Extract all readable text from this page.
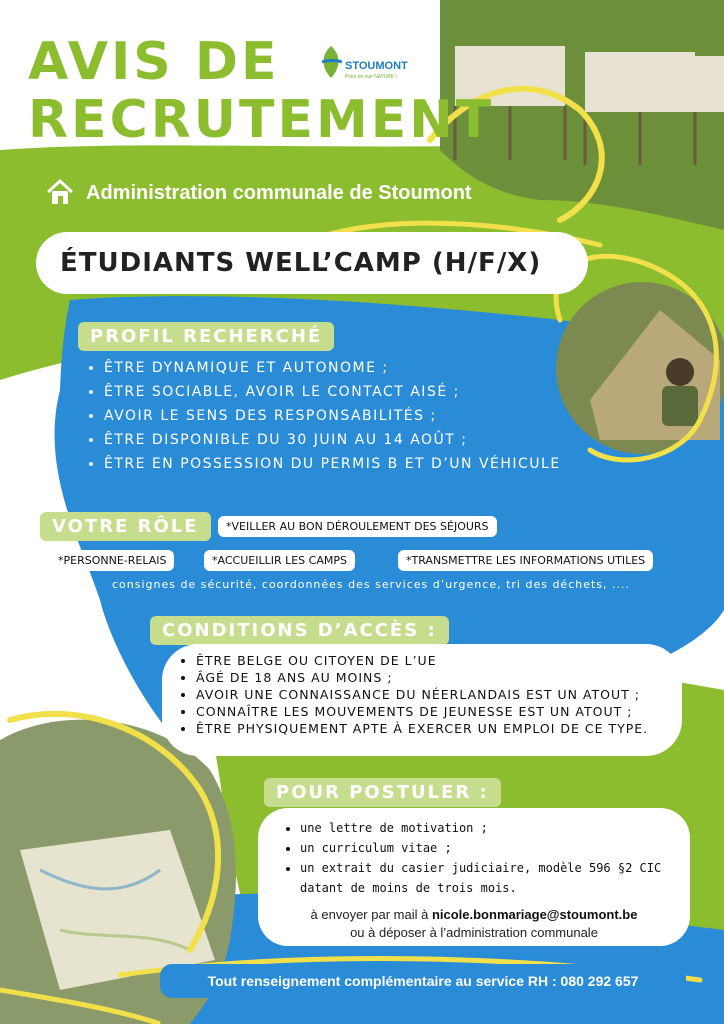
AVIS DE
RECRUTEMENT
STOUMONT
Point de vue NATURE !
Administration communale de Stoumont
ÉTUDIANTS WELL’CAMP (H/F/X)
PROFIL RECHERCHÉ
• ÊTRE DYNAMIQUE ET AUTONOME ;
• ÊTRE SOCIABLE, AVOIR LE CONTACT AISÉ ;
• AVOIR LE SENS DES RESPONSABILITÉS ;
• ÊTRE DISPONIBLE DU 30 JUIN AU 14 AOÛT ;
• ÊTRE EN POSSESSION DU PERMIS B ET D’UN VÉHICULE
VOTRE RÔLE	*VEILLER AU BON DÉROULEMENT DES SÉJOURS
*PERSONNE-RELAIS	*ACCUEILLIR LES CAMPS	*TRANSMETTRE LES INFORMATIONS UTILES
consignes de sécurité, coordonnées des services d’urgence, tri des déchets, ....
CONDITIONS D’ACCÈS :
• ÊTRE BELGE OU CITOYEN DE L’UE
• ÂGÉ DE 18 ANS AU MOINS ;
• AVOIR UNE CONNAISSANCE DU NÉERLANDAIS EST UN ATOUT ;
• CONNAÎTRE LES MOUVEMENTS DE JEUNESSE EST UN ATOUT ;
• ÊTRE PHYSIQUEMENT APTE À EXERCER UN EMPLOI DE CE TYPE.
POUR POSTULER :
• une lettre de motivation ;
• un curriculum vitae ;
• un extrait du casier judiciaire, modèle 596 §2 CIC datant de moins de trois mois.
à envoyer par mail à nicole.bonmariage@stoumont.be
ou à déposer à l’administration communale
Tout renseignement complémentaire au service RH : 080 292 657
